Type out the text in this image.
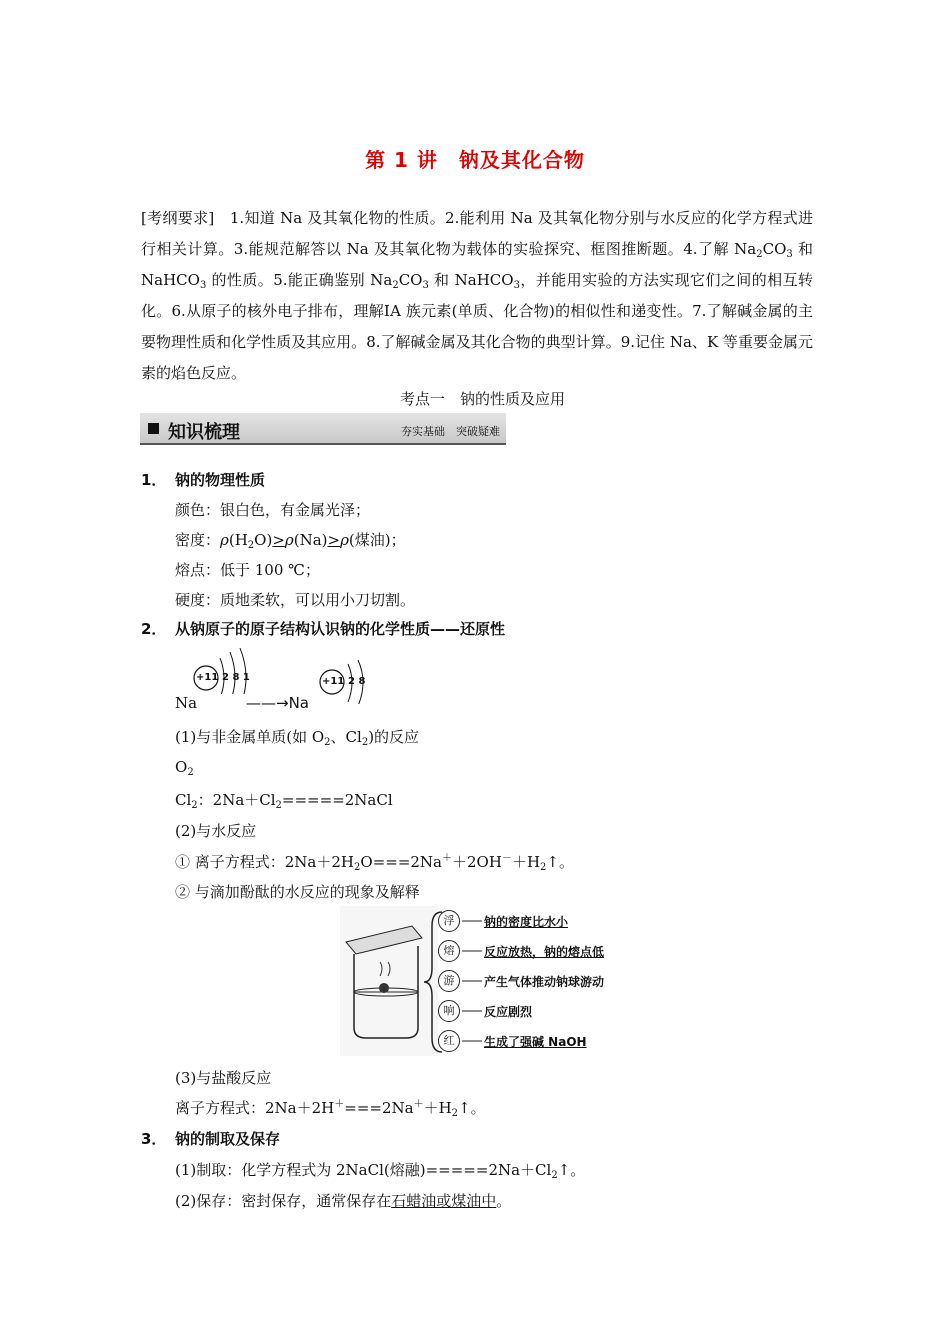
第 1 讲　钠及其化合物
[考纲要求]　 1.知道 Na 及其氧化物的性质。2.能利用 Na 及其氧化物分别与水反应的化学方程式进行相关计算。3.能规范解答以 Na 及其氧化物为载体的实验探究、框图推断题。4.了解 $Na_2CO_3$ 和 NaHCO$_3$ 的性质。5.能正确鉴别 $Na_2CO_3$ 和 NaHCO$_3$，并能用实验的方法实现它们之间的相互转化。6.从原子的核外电子排布，理解ⅠA 族元素(单质、化合物)的相似性和递变性。7.了解碱金属的主要物理性质和化学性质及其应用。8.了解碱金属及其化合物的典型计算。9.记住 Na、K 等重要金属元素的焰色反应。
考点一　钠的性质及应用
知识梳理	夯实基础　突破疑难
1． 钠的物理性质
颜色：银白色，有金属光泽；
密度：$\rho(H_2O)>\rho(Na)>\rho$(煤油)；
熔点：低于 100 ℃；
硬度：质地柔软，可以用小刀切割。
2． 从钠原子的原子结构认识钠的化学性质——还原性
+11 2 8 1	+11 2 8
Na	——→Na
(1)与非金属单质(如 $O_2$、$Cl_2$)的反应
$O_2$
$Cl_2$：$2Na+Cl_2=====2NaCl$
(2)与水反应
① 离子方程式：$2Na+2H_2O===2Na^++2OH^-+H_2↑$。
② 与滴加酚酞的水反应的现象及解释
浮
熔
游
响
红
钠的密度比水小
反应放热，钠的熔点低
产生气体推动钠球游动
反应剧烈
生成了强碱 NaOH
(3)与盐酸反应
离子方程式：$2Na+2H^+===2Na^++H_2↑$。
3． 钠的制取及保存
(1)制取：化学方程式为 2NaCl(熔融)$=====2Na+Cl_2↑$。
(2)保存：密封保存，通常保存在石蜡油或煤油中。
